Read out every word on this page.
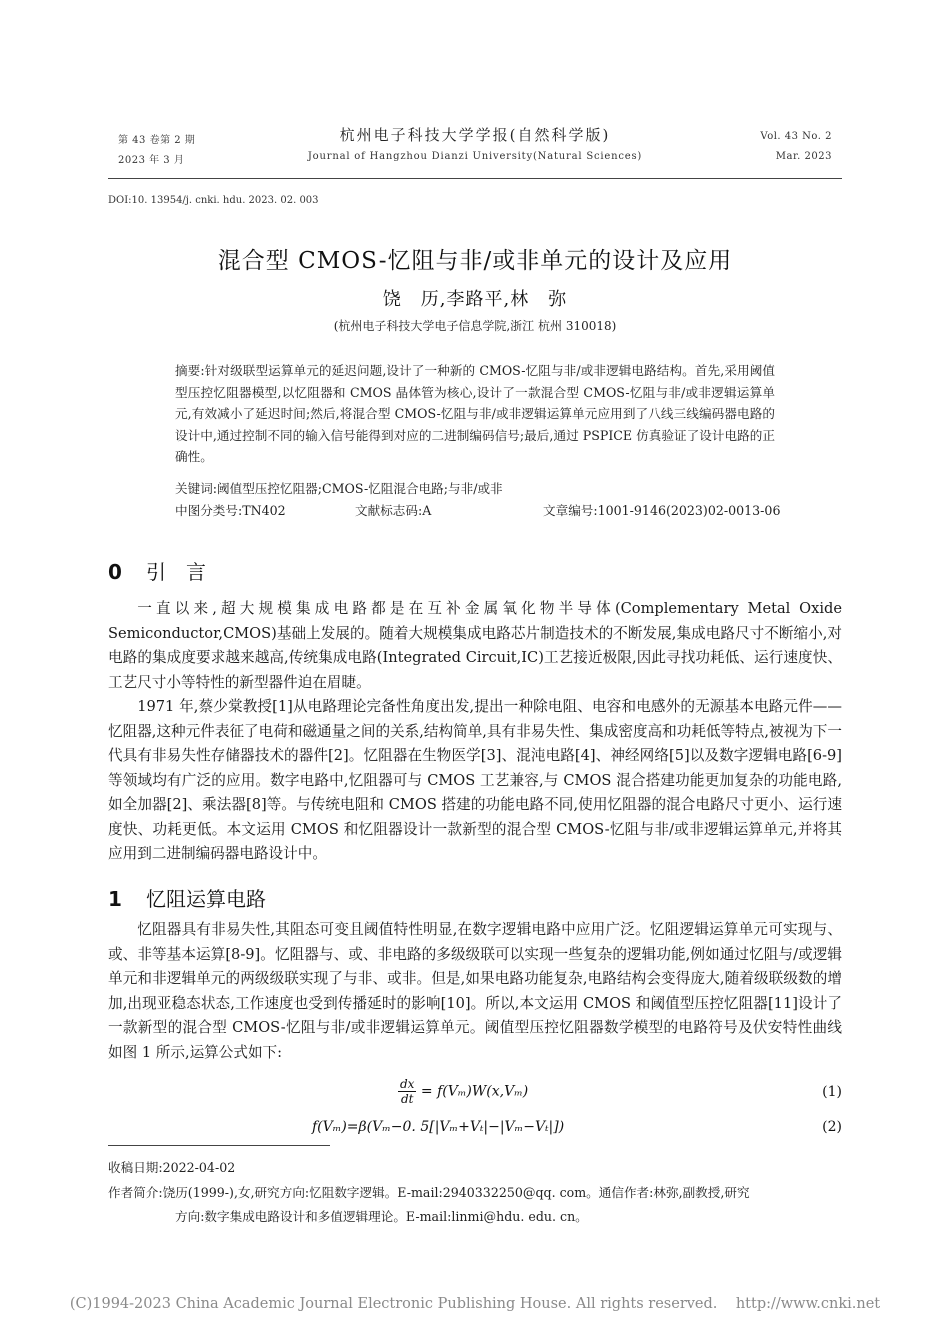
第 43 卷第 2 期
2023 年 3 月
杭州电子科技大学学报(自然科学版)
Journal of Hangzhou Dianzi University(Natural Sciences)
Vol. 43 No. 2
Mar. 2023
DOI:10. 13954/j. cnki. hdu. 2023. 02. 003
混合型 CMOS-忆阻与非/或非单元的设计及应用
饶　历,李路平,林　弥
(杭州电子科技大学电子信息学院,浙江 杭州 310018)
摘要:针对级联型运算单元的延迟问题,设计了一种新的 CMOS-忆阻与非/或非逻辑电路结构。首先,采用阈值型压控忆阻器模型,以忆阻器和 CMOS 晶体管为核心,设计了一款混合型 CMOS-忆阻与非/或非逻辑运算单元,有效减小了延迟时间;然后,将混合型 CMOS-忆阻与非/或非逻辑运算单元应用到了八线三线编码器电路的设计中,通过控制不同的输入信号能得到对应的二进制编码信号;最后,通过 PSPICE 仿真验证了设计电路的正确性。
关键词:阈值型压控忆阻器;CMOS-忆阻混合电路;与非/或非
中图分类号:TN402	文献标志码:A	文章编号:1001-9146(2023)02-0013-06
0 引　言

一直以来,超大规模集成电路都是在互补金属氧化物半导体(Complementary Metal Oxide Semiconductor,CMOS)基础上发展的。随着大规模集成电路芯片制造技术的不断发展,集成电路尺寸不断缩小,对电路的集成度要求越来越高,传统集成电路(Integrated Circuit,IC)工艺接近极限,因此寻找功耗低、运行速度快、工艺尺寸小等特性的新型器件迫在眉睫。

1971 年,蔡少棠教授[1]从电路理论完备性角度出发,提出一种除电阻、电容和电感外的无源基本电路元件——忆阻器,这种元件表征了电荷和磁通量之间的关系,结构简单,具有非易失性、集成密度高和功耗低等特点,被视为下一代具有非易失性存储器技术的器件[2]。忆阻器在生物医学[3]、混沌电路[4]、神经网络[5]以及数字逻辑电路[6-9]等领域均有广泛的应用。数字电路中,忆阻器可与 CMOS 工艺兼容,与 CMOS 混合搭建功能更加复杂的功能电路,如全加器[2]、乘法器[8]等。与传统电阻和 CMOS 搭建的功能电路不同,使用忆阻器的混合电路尺寸更小、运行速度快、功耗更低。本文运用 CMOS 和忆阻器设计一款新型的混合型 CMOS-忆阻与非/或非逻辑运算单元,并将其应用到二进制编码器电路设计中。

1 忆阻运算电路

忆阻器具有非易失性,其阻态可变且阈值特性明显,在数字逻辑电路中应用广泛。忆阻逻辑运算单元可实现与、或、非等基本运算[8-9]。忆阻器与、或、非电路的多级级联可以实现一些复杂的逻辑功能,例如通过忆阻与/或逻辑单元和非逻辑单元的两级级联实现了与非、或非。但是,如果电路功能复杂,电路结构会变得庞大,随着级联级数的增加,出现亚稳态状态,工作速度也受到传播延时的影响[10]。所以,本文运用 CMOS 和阈值型压控忆阻器[11]设计了一款新型的混合型 CMOS-忆阻与非/或非逻辑运算单元。阈值型压控忆阻器数学模型的电路符号及伏安特性曲线如图 1 所示,运算公式如下:

$\frac{dx}{dt} = f(V_m)W(x,V_m)$	(1)
f(Vₘ)=β(Vₘ−0. 5[|Vₘ+Vₜ|−|Vₘ−Vₜ|])	(2)
收稿日期:2022-04-02
作者简介:饶历(1999-),女,研究方向:忆阻数字逻辑。E-mail:2940332250@qq. com。通信作者:林弥,副教授,研究
方向:数字集成电路设计和多值逻辑理论。E-mail:linmi@hdu. edu. cn。
(C)1994-2023 China Academic Journal Electronic Publishing House. All rights reserved.    http://www.cnki.net
